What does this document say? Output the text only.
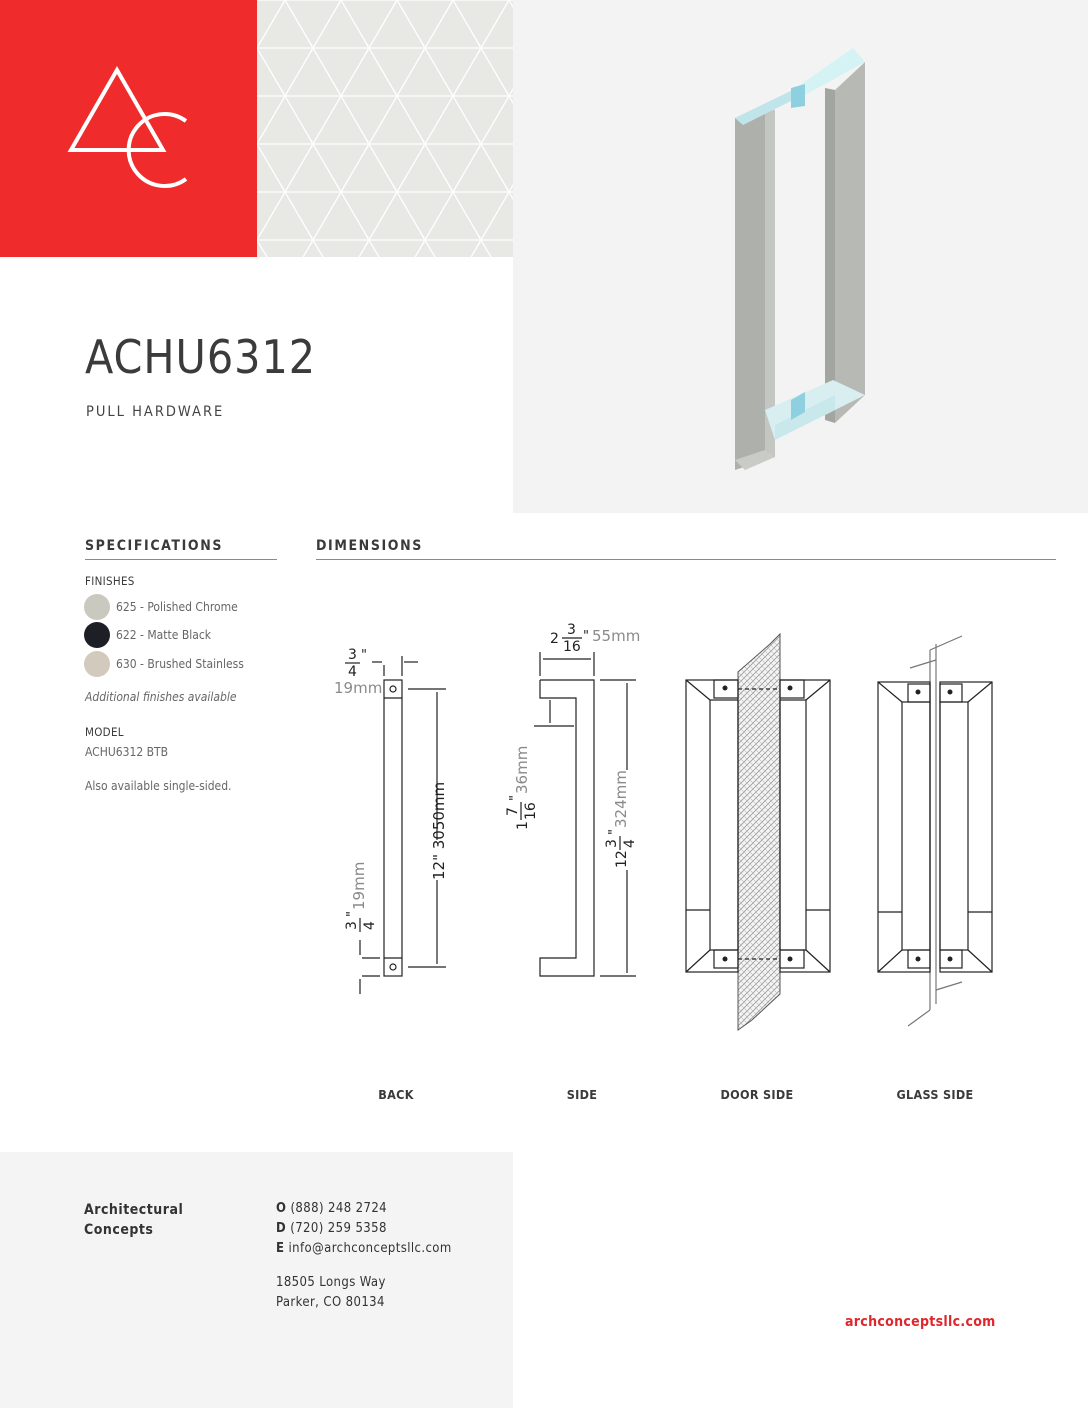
ACHU6312
PULL HARDWARE
SPECIFICATIONS
FINISHES
625 - Polished Chrome
622 - Matte Black
630 - Brushed Stainless
Additional finishes available
MODEL
ACHU6312 BTB
Also available single-sided.
DIMENSIONS
3
4
"
19mm
12" 3050mm
3 4
"
19mm
2
3
16
" 55mm
1
7 16
"
36mm
12
3 4
"
324mm
BACK	SIDE	DOOR SIDE	GLASS SIDE
Architectural
Concepts
O (888) 248 2724
D (720) 259 5358
E info@archconceptsllc.com
18505 Longs Way
Parker, CO 80134
archconceptsllc.com
